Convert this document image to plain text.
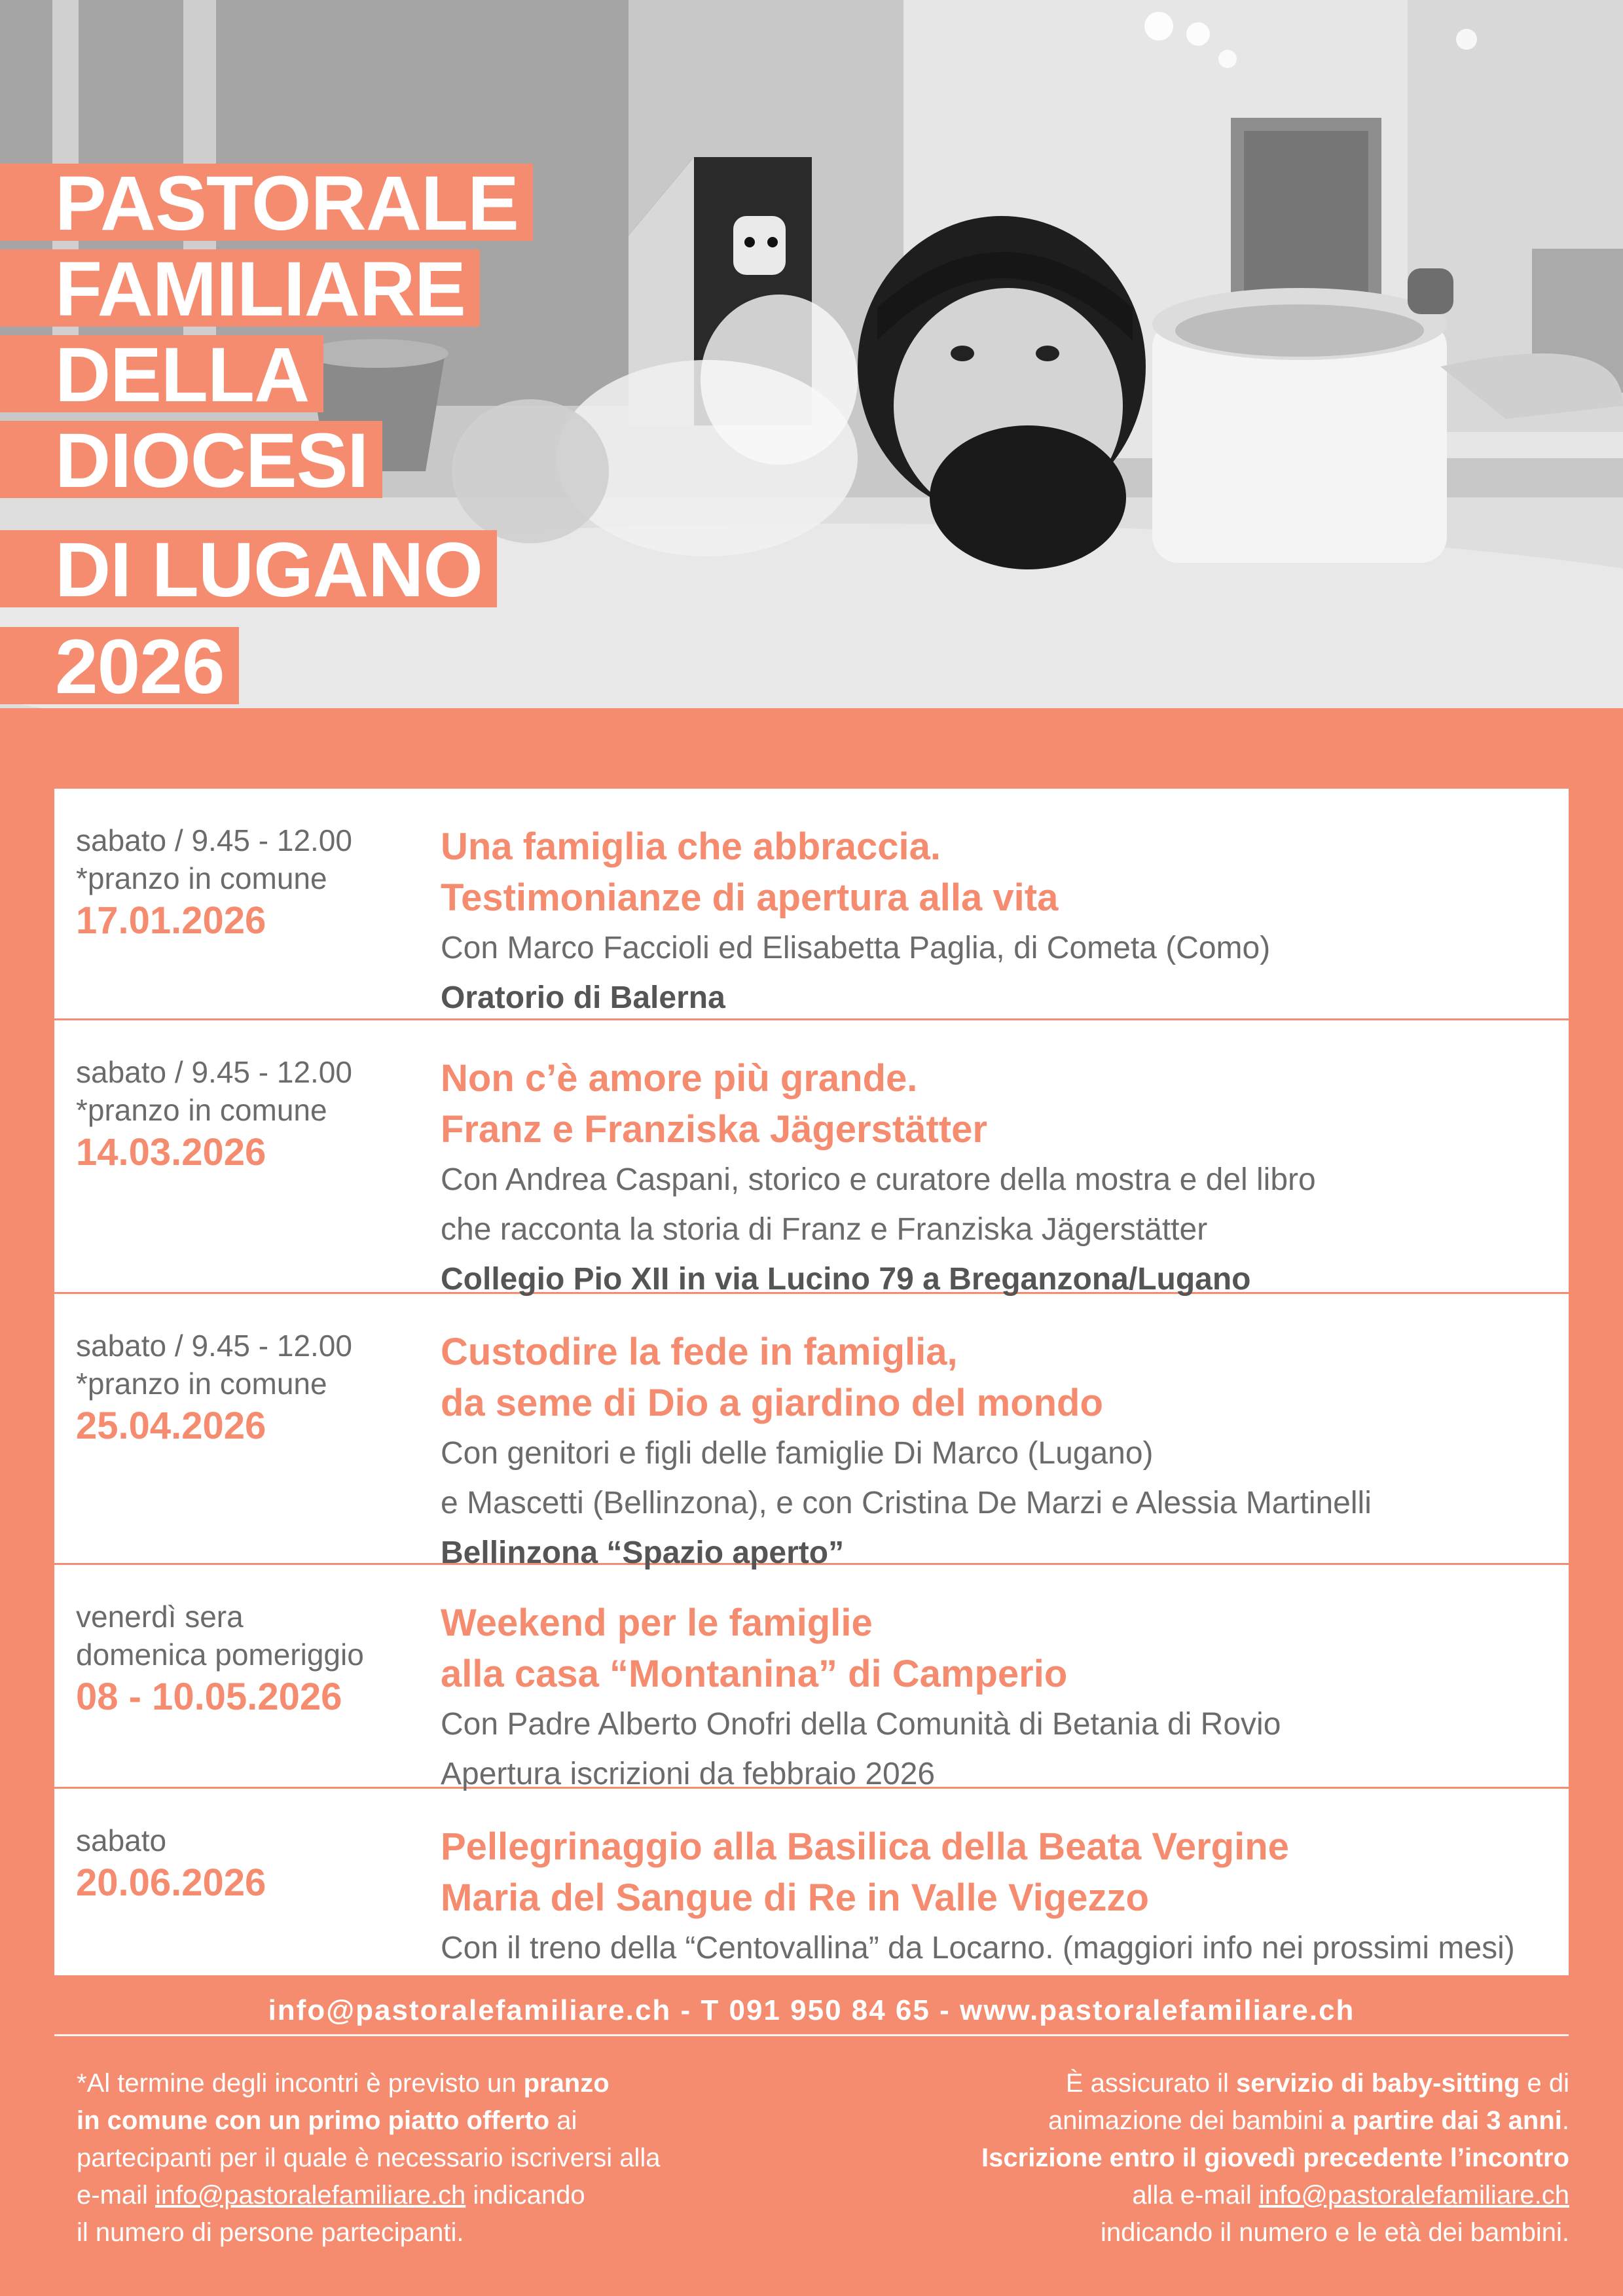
PASTORALE
FAMILIARE
DELLA
DIOCESI
DI LUGANO
2026
sabato / 9.45 - 12.00
*pranzo in comune
17.01.2026
Una famiglia che abbraccia.
Testimonianze di apertura alla vita
Con Marco Faccioli ed Elisabetta Paglia, di Cometa (Como)
Oratorio di Balerna
sabato / 9.45 - 12.00
*pranzo in comune
14.03.2026
Non c’è amore più grande.
Franz e Franziska Jägerstätter
Con Andrea Caspani, storico e curatore della mostra e del libro
che racconta la storia di Franz e Franziska Jägerstätter
Collegio Pio XII in via Lucino 79 a Breganzona/Lugano
sabato / 9.45 - 12.00
*pranzo in comune
25.04.2026
Custodire la fede in famiglia,
da seme di Dio a giardino del mondo
Con genitori e figli delle famiglie Di Marco (Lugano)
e Mascetti (Bellinzona), e con Cristina De Marzi e Alessia Martinelli
Bellinzona “Spazio aperto”
venerdì sera
domenica pomeriggio
08 - 10.05.2026
Weekend per le famiglie
alla casa “Montanina” di Camperio
Con Padre Alberto Onofri della Comunità di Betania di Rovio
Apertura iscrizioni da febbraio 2026
sabato
20.06.2026
Pellegrinaggio alla Basilica della Beata Vergine
Maria del Sangue di Re in Valle Vigezzo
Con il treno della “Centovallina” da Locarno. (maggiori info nei prossimi mesi)
info@pastoralefamiliare.ch - T 091 950 84 65 - www.pastoralefamiliare.ch
*Al termine degli incontri è previsto un pranzo
in comune con un primo piatto offerto ai
partecipanti per il quale è necessario iscriversi alla
e-mail info@pastoralefamiliare.ch indicando
il numero di persone partecipanti.
È assicurato il servizio di baby-sitting e di
animazione dei bambini a partire dai 3 anni.
Iscrizione entro il giovedì precedente l’incontro
alla e-mail info@pastoralefamiliare.ch
indicando il numero e le età dei bambini.
